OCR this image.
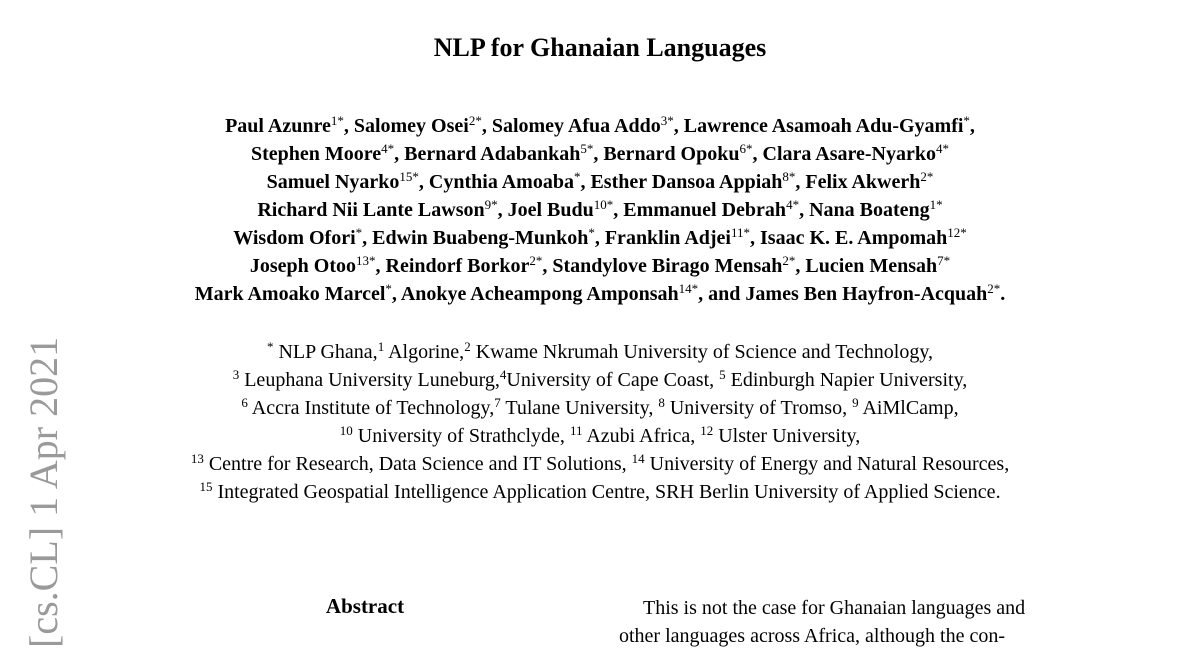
NLP for Ghanaian Languages
Paul Azunre$^{1*}$, Salomey Osei$^{2*}$, Salomey Afua Addo$^{3*}$, Lawrence Asamoah Adu-Gyamfi*,
Stephen Moore$^{4*}$, Bernard Adabankah$^{5*}$, Bernard Opoku$^{6*}$, Clara Asare-Nyarko$^{4*}$
Samuel Nyarko$^{15*}$, Cynthia Amoaba*, Esther Dansoa Appiah$^{8*}$, Felix Akwerh$^{2*}$
Richard Nii Lante Lawson$^{9*}$, Joel Budu$^{10*}$, Emmanuel Debrah$^{4*}$, Nana Boateng$^{1*}$
Wisdom Ofori*, Edwin Buabeng-Munkoh*, Franklin Adjei$^{11*}$, Isaac K. E. Ampomah$^{12*}$
Joseph Otoo$^{13*}$, Reindorf Borkor$^{2*}$, Standylove Birago Mensah$^{2*}$, Lucien Mensah$^{7*}$
Mark Amoako Marcel*, Anokye Acheampong Amponsah$^{14*}$, and James Ben Hayfron-Acquah$^{2*}$.
* NLP Ghana,$^1$ Algorine,$^2$ Kwame Nkrumah University of Science and Technology,
$^3$ Leuphana University Luneburg,$^4$University of Cape Coast, $^5$ Edinburgh Napier University,
$^6$ Accra Institute of Technology,$^7$ Tulane University, $^8$ University of Tromso, $^9$ AiMlCamp,
$^{10}$ University of Strathclyde, $^{11}$ Azubi Africa, $^{12}$ Ulster University,
$^{13}$ Centre for Research, Data Science and IT Solutions, $^{14}$ University of Energy and Natural Resources,
$^{15}$ Integrated Geospatial Intelligence Application Centre, SRH Berlin University of Applied Science.
[cs.CL] 1 Apr 2021	Abstract	This is not the case for Ghanaian languages and
other languages across Africa, although the con-
